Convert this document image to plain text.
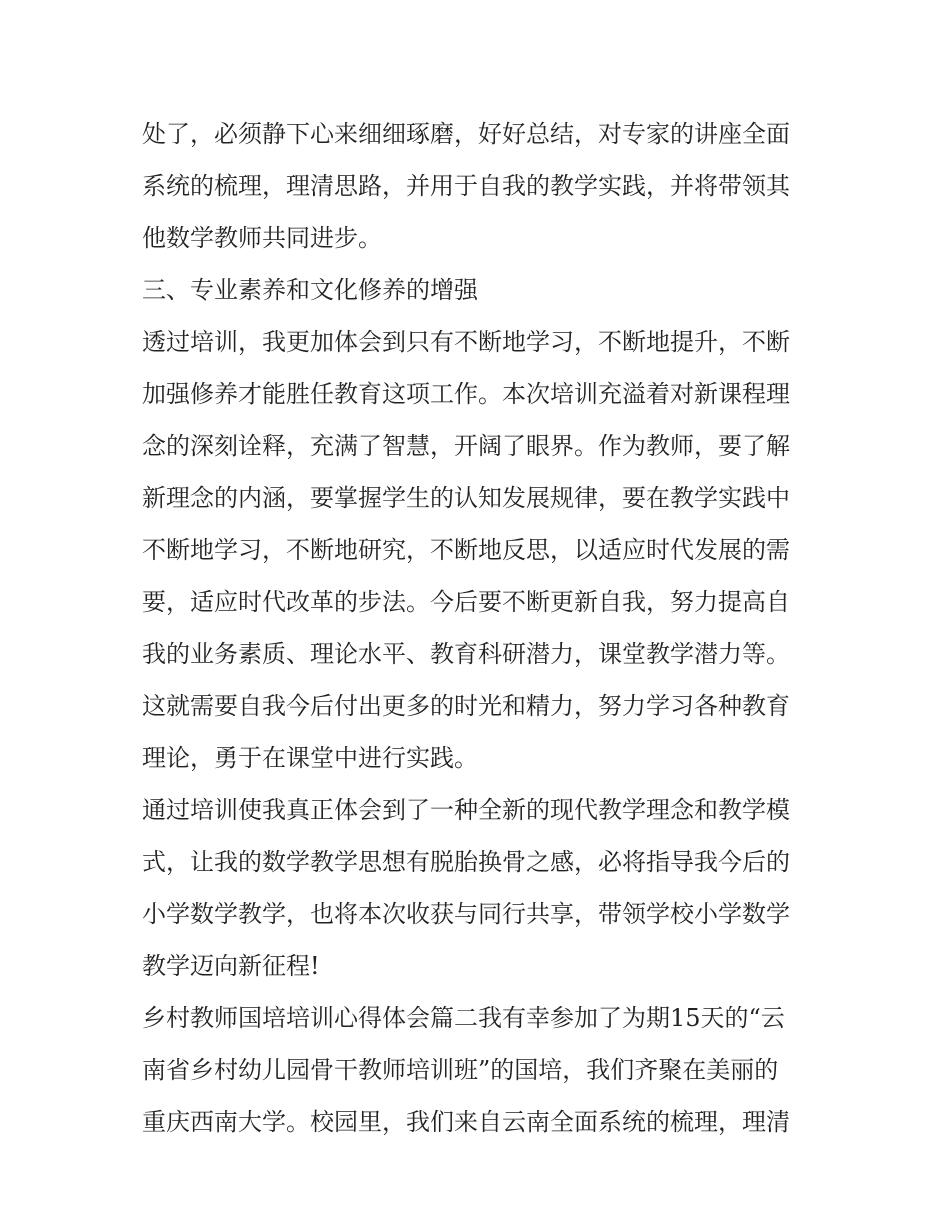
处了，必须静下心来细细琢磨，好好总结，对专家的讲座全面
系统的梳理，理清思路，并用于自我的教学实践，并将带领其
他数学教师共同进步。
三、专业素养和文化修养的增强
透过培训，我更加体会到只有不断地学习，不断地提升，不断
加强修养才能胜任教育这项工作。本次培训充溢着对新课程理
念的深刻诠释，充满了智慧，开阔了眼界。作为教师，要了解
新理念的内涵，要掌握学生的认知发展规律，要在教学实践中
不断地学习，不断地研究，不断地反思，以适应时代发展的需
要，适应时代改革的步法。今后要不断更新自我，努力提高自
我的业务素质、理论水平、教育科研潜力，课堂教学潜力等。
这就需要自我今后付出更多的时光和精力，努力学习各种教育
理论，勇于在课堂中进行实践。
通过培训使我真正体会到了一种全新的现代教学理念和教学模
式，让我的数学教学思想有脱胎换骨之感，必将指导我今后的
小学数学教学，也将本次收获与同行共享，带领学校小学数学
教学迈向新征程!
乡村教师国培培训心得体会篇二我有幸参加了为期15天的“云
南省乡村幼儿园骨干教师培训班”的国培，我们齐聚在美丽的
重庆西南大学。校园里，我们来自云南全面系统的梳理，理清
